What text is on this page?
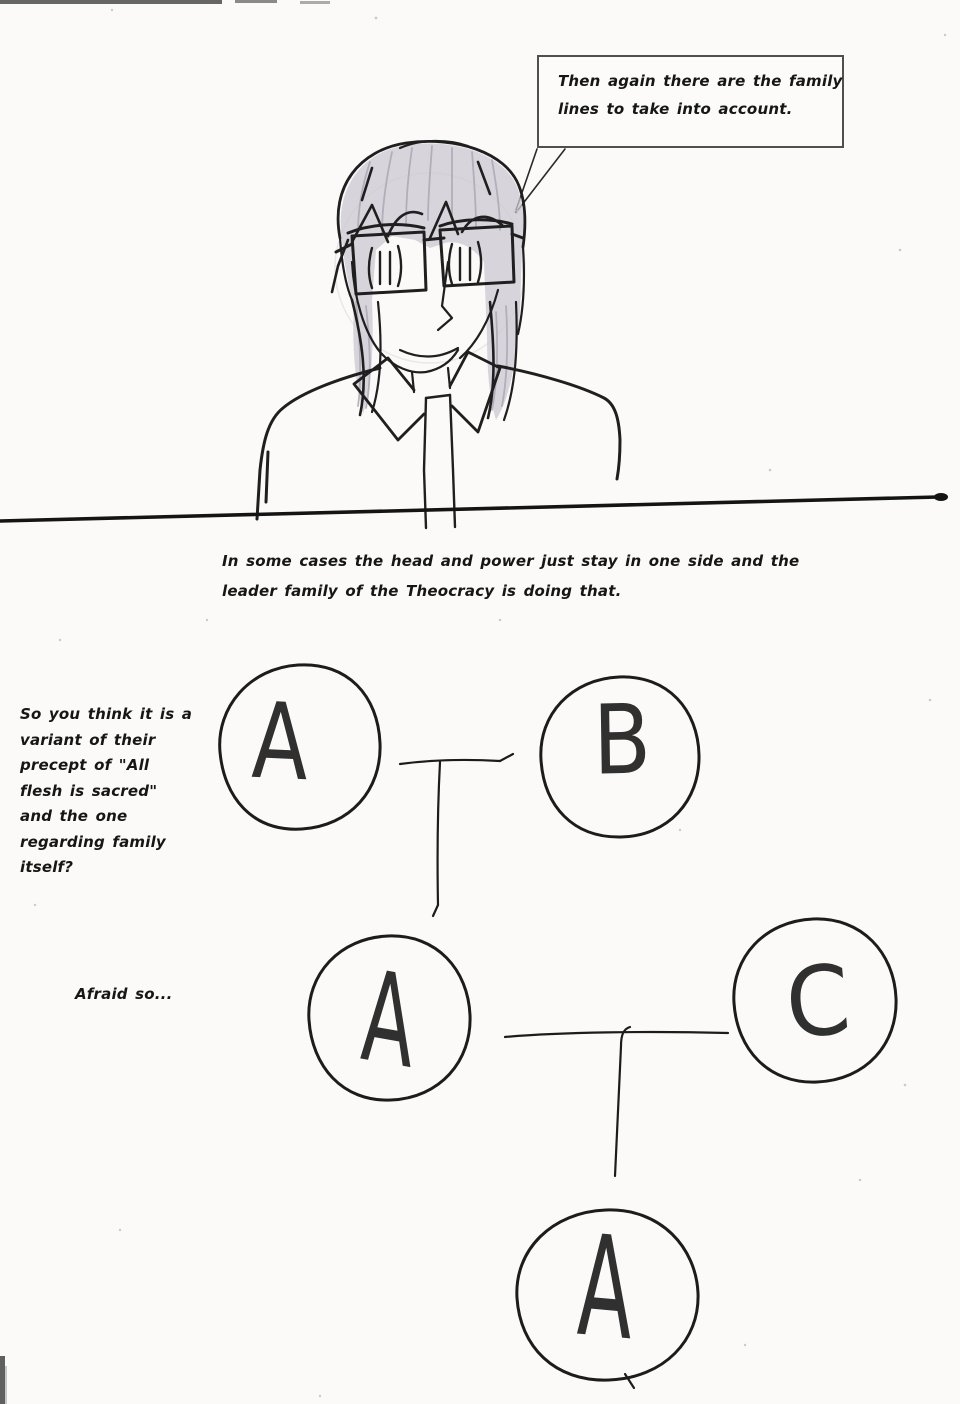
Then again there are the family
lines to take into account.
In some cases the head and power just stay in one side and the
leader family of the Theocracy is doing that.
So you think it is a
variant of their
precept of "All
flesh is sacred"
and the one
regarding family
itself?
Afraid so...
A	B
A	C
A
